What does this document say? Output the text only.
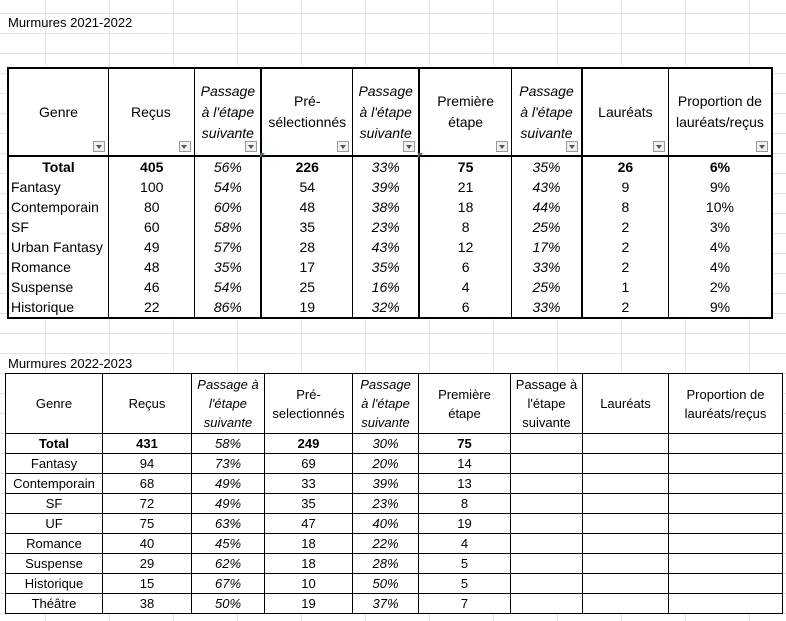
Murmures 2021-2022
Genre	Reçus	Passage à l'étape suivante	Pré-sélectionnés	Passage à l'étape suivante	Première étape	Passage à l'étape suivante	Lauréats	Proportion de lauréats/reçus

Total	405	56%	226	33%	75	35%	26	6%
Fantasy	100	54%	54	39%	21	43%	9	9%
Contemporain	80	60%	48	38%	18	44%	8	10%
SF	60	58%	35	23%	8	25%	2	3%
Urban Fantasy	49	57%	28	43%	12	17%	2	4%
Romance	48	35%	17	35%	6	33%	2	4%
Suspense	46	54%	25	16%	4	25%	1	2%
Historique	22	86%	19	32%	6	33%	2	9%
Murmures 2022-2023
Genre	Reçus	Passage à l'étape suivante	Pré-selectionnés	Passage à l'étape suivante	Première étape	Passage à l'étape suivante	Lauréats	Proportion de lauréats/reçus
Total	431	58%	249	30%	75			
Fantasy	94	73%	69	20%	14			
Contemporain	68	49%	33	39%	13			
SF	72	49%	35	23%	8			
UF	75	63%	47	40%	19			
Romance	40	45%	18	22%	4			
Suspense	29	62%	18	28%	5			
Historique	15	67%	10	50%	5			
Théâtre	38	50%	19	37%	7			
